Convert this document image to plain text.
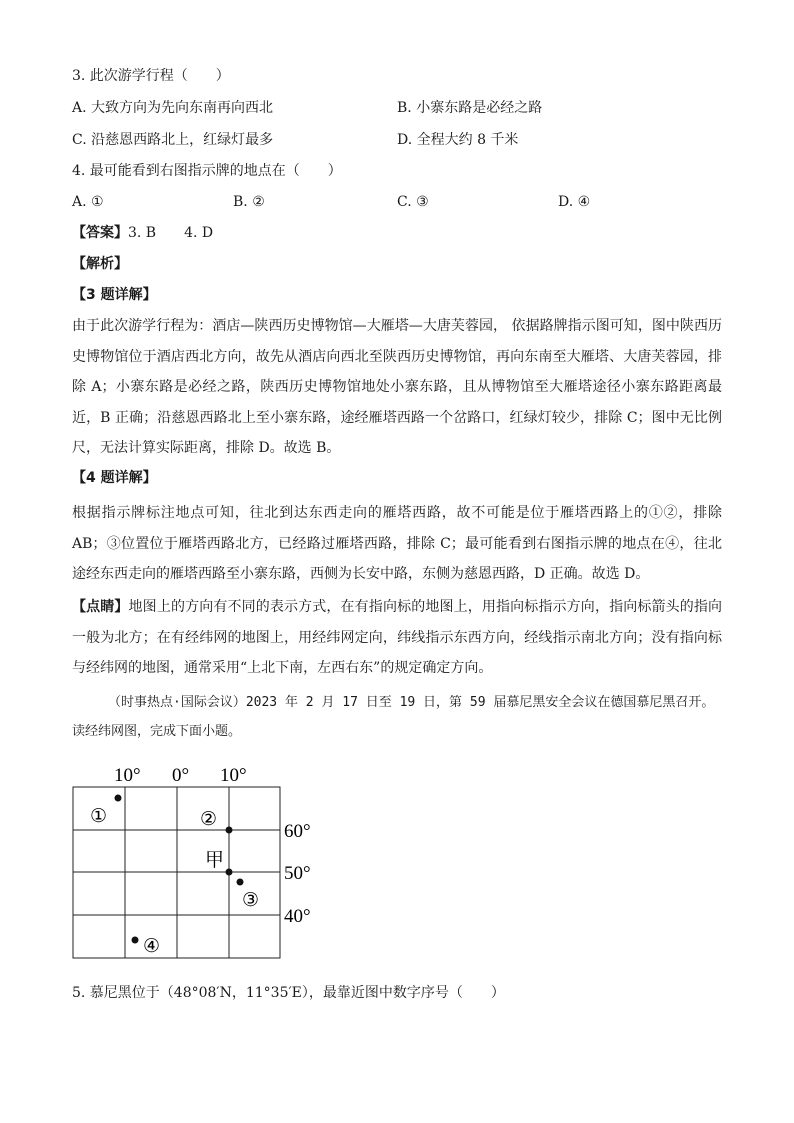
3. 此次游学行程（　　）
A. 大致方向为先向东南再向西北	B. 小寨东路是必经之路
C. 沿慈恩西路北上，红绿灯最多	D. 全程大约 8 千米
4. 最可能看到右图指示牌的地点在（　　）
A. ①	B. ②	C. ③	D. ④
【答案】3. B　　4. D
【解析】
【3 题详解】
由于此次游学行程为：酒店—陕西历史博物馆—大雁塔—大唐芙蓉园， 依据路牌指示图可知，图中陕西历史博物馆位于酒店西北方向，故先从酒店向西北至陕西历史博物馆，再向东南至大雁塔、大唐芙蓉园，排除 A；小寨东路是必经之路，陕西历史博物馆地处小寨东路，且从博物馆至大雁塔途径小寨东路距离最近，B 正确；沿慈恩西路北上至小寨东路，途经雁塔西路一个岔路口，红绿灯较少，排除 C；图中无比例尺，无法计算实际距离，排除 D。故选 B。
【4 题详解】
根据指示牌标注地点可知，往北到达东西走向的雁塔西路，故不可能是位于雁塔西路上的①②，排除 AB；③位置位于雁塔西路北方，已经路过雁塔西路，排除 C；最可能看到右图指示牌的地点在④，往北途经东西走向的雁塔西路至小寨东路，西侧为长安中路，东侧为慈恩西路，D 正确。故选 D。
【点睛】地图上的方向有不同的表示方式，在有指向标的地图上，用指向标指示方向，指向标箭头的指向一般为北方；在有经纬网的地图上，用经纬网定向，纬线指示东西方向，经线指示南北方向；没有指向标与经纬网的地图，通常采用“上北下南，左西右东”的规定确定方向。
（时事热点·国际会议）2023 年 2 月 17 日至 19 日，第 59 届慕尼黑安全会议在德国慕尼黑召开。读经纬网图，完成下面小题。
10° 0° 10°
60°
50°
40°
①	②
甲
③
④
5. 慕尼黑位于（48°08′N，11°35′E），最靠近图中数字序号（　　）
